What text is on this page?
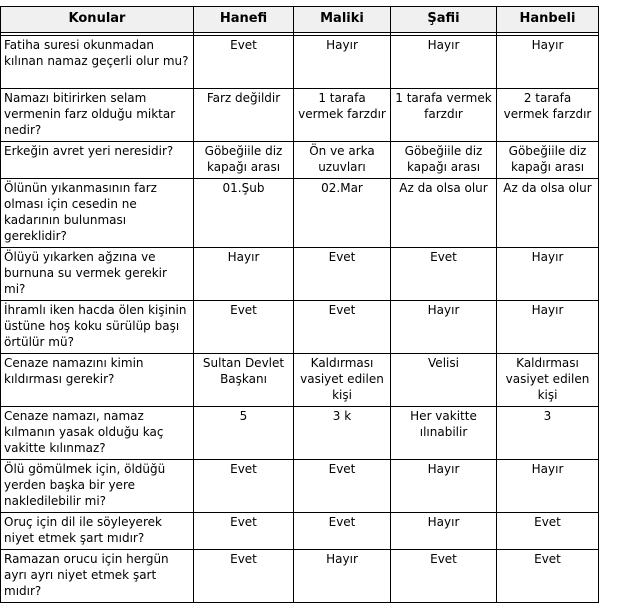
Konular	Hanefi	Maliki	Şafii	Hanbeli

Fatiha suresi okunmadan kılınan namaz geçerli olur mu?	Evet	Hayır	Hayır	Hayır
Namazı bitirirken selam vermenin farz olduğu miktar nedir?	Farz değildir	1 tarafa vermek farzdır	1 tarafa vermek farzdır	2 tarafa vermek farzdır
Erkeğin avret yeri neresidir?	Göbeğiile diz kapağı arası	Ön ve arka uzuvları	Göbeğiile diz kapağı arası	Göbeğiile diz kapağı arası
Ölünün yıkanmasının farz olması için cesedin ne kadarının bulunması gereklidir?	01.Şub	02.Mar	Az da olsa olur	Az da olsa olur
Ölüyü yıkarken ağzına ve burnuna su vermek gerekir mi?	Hayır	Evet	Evet	Hayır
İhramlı iken hacda ölen kişinin üstüne hoş koku sürülüp başı örtülür mü?	Evet	Evet	Hayır	Hayır
Cenaze namazını kimin kıldırması gerekir?	Sultan Devlet Başkanı	Kaldırması vasiyet edilen kişi	Velisi	Kaldırması vasiyet edilen kişi
Cenaze namazı, namaz kılmanın yasak olduğu kaç vakitte kılınmaz?	5	3 k	Her vakitte ılınabilir	3
Ölü gömülmek için, öldüğü yerden başka bir yere nakledilebilir mi?	Evet	Evet	Hayır	Hayır
Oruç için dil ile söyleyerek niyet etmek şart mıdır?	Evet	Evet	Hayır	Evet
Ramazan orucu için hergün ayrı ayrı niyet etmek şart mıdır?	Evet	Hayır	Evet	Evet
